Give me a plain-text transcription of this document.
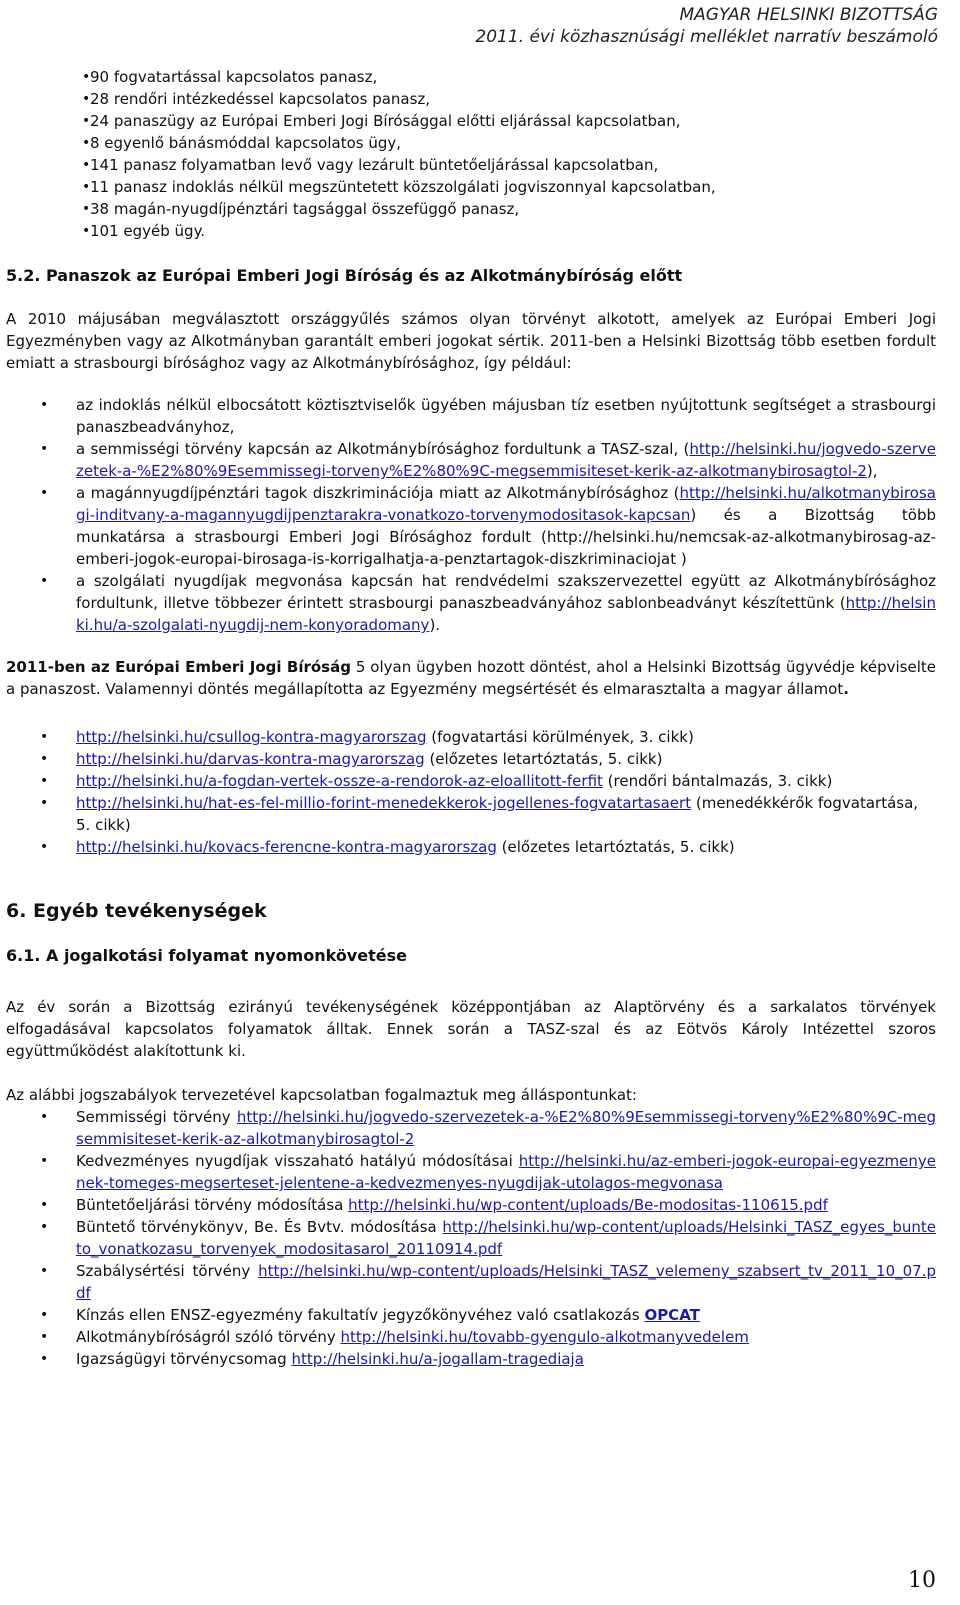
MAGYAR HELSINKI BIZOTTSÁG
2011. évi közhasznúsági melléklet narratív beszámoló
• 90 fogvatartással kapcsolatos panasz,
• 28 rendőri intézkedéssel kapcsolatos panasz,
• 24 panaszügy az Európai Emberi Jogi Bírósággal előtti eljárással kapcsolatban,
• 8 egyenlő bánásmóddal kapcsolatos ügy,
• 141 panasz folyamatban levő vagy lezárult büntetőeljárással kapcsolatban,
• 11 panasz indoklás nélkül megszüntetett közszolgálati jogviszonnyal kapcsolatban,
• 38 magán-nyugdíjpénztári tagsággal összefüggő panasz,
• 101 egyéb ügy.
5.2. Panaszok az Európai Emberi Jogi Bíróság és az Alkotmánybíróság előtt

A 2010 májusában megválasztott országgyűlés számos olyan törvényt alkotott, amelyek az Európai Emberi Jogi Egyezményben vagy az Alkotmányban garantált emberi jogokat sértik. 2011-ben a Helsinki Bizottság több esetben fordult emiatt a strasbourgi bírósághoz vagy az Alkotmánybírósághoz, így például:

• az indoklás nélkül elbocsátott köztisztviselők ügyében májusban tíz esetben nyújtottunk segítséget a strasbourgi panaszbeadványhoz,
• a semmisségi törvény kapcsán az Alkotmánybírósághoz fordultunk a TASZ-szal, (http://helsinki.hu/jogvedo-szervezetek-a-%E2%80%9Esemmissegi-torveny%E2%80%9C-megsemmisiteset-kerik-az-alkotmanybirosagtol-2),
• a magánnyugdíjpénztári tagok diszkriminációja miatt az Alkotmánybírósághoz (http://helsinki.hu/alkotmanybirosagi-inditvany-a-magannyugdijpenztarakra-vonatkozo-torvenymodositasok-kapcsan) és a Bizottság több munkatársa a strasbourgi Emberi Jogi Bírósághoz fordult (http://helsinki.hu/nemcsak-az-alkotmanybirosag-az-emberi-jogok-europai-birosaga-is-korrigalhatja-a-penztartagok-diszkriminaciojat )
• a szolgálati nyugdíjak megvonása kapcsán hat rendvédelmi szakszervezettel együtt az Alkotmánybírósághoz fordultunk, illetve többezer érintett strasbourgi panaszbeadványához sablonbeadványt készítettünk (http://helsinki.hu/a-szolgalati-nyugdij-nem-konyoradomany).

2011-ben az Európai Emberi Jogi Bíróság 5 olyan ügyben hozott döntést, ahol a Helsinki Bizottság ügyvédje képviselte a panaszost. Valamennyi döntés megállapította az Egyezmény megsértését és elmarasztalta a magyar államot.

• http://helsinki.hu/csullog-kontra-magyarorszag (fogvatartási körülmények, 3. cikk)
• http://helsinki.hu/darvas-kontra-magyarorszag (előzetes letartóztatás, 5. cikk)
• http://helsinki.hu/a-fogdan-vertek-osszе-a-rendorok-az-eloallitott-ferfit (rendőri bántalmazás, 3. cikk)
• http://helsinki.hu/hat-es-fel-millio-forint-menedekkerok-jogellenes-fogvatartasaert (menedékkérők fogvatartása, 5. cikk)
• http://helsinki.hu/kovacs-ferencne-kontra-magyarorszag (előzetes letartóztatás, 5. cikk)
6. Egyéb tevékenységek
6.1. A jogalkotási folyamat nyomonkövetése

Az év során a Bizottság ezirányú tevékenységének középpontjában az Alaptörvény és a sarkalatos törvények elfogadásával kapcsolatos folyamatok álltak. Ennek során a TASZ-szal és az Eötvös Károly Intézettel szoros együttműködést alakítottunk ki.

Az alábbi jogszabályok tervezetével kapcsolatban fogalmaztuk meg álláspontunkat:

• Semmisségi törvény http://helsinki.hu/jogvedo-szervezetek-a-%E2%80%9Esemmissegi-torveny%E2%80%9C-megsemmisiteset-kerik-az-alkotmanybirosagtol-2
• Kedvezményes nyugdíjak visszaható hatályú módosításai http://helsinki.hu/az-emberi-jogok-europai-egyezmenyenek-tomeges-megserteset-jelentene-a-kedvezmenyes-nyugdijak-utolagos-megvonasa
• Büntetőeljárási törvény módosítása http://helsinki.hu/wp-content/uploads/Be-modositas-110615.pdf
• Büntető törvénykönyv, Be. És Bvtv. módosítása http://helsinki.hu/wp-content/uploads/Helsinki_TASZ_egyes_bunteto_vonatkozasu_torvenyek_modositasarol_20110914.pdf
• Szabálysértési törvény http://helsinki.hu/wp-content/uploads/Helsinki_TASZ_velemeny_szabsert_tv_2011_10_07.pdf
• Kínzás ellen ENSZ-egyezmény fakultatív jegyzőkönyvéhez való csatlakozás OPCAT
• Alkotmánybíróságról szóló törvény http://helsinki.hu/tovabb-gyengulo-alkotmanyvedelem
• Igazságügyi törvénycsomag http://helsinki.hu/a-jogallam-tragediaja
10
